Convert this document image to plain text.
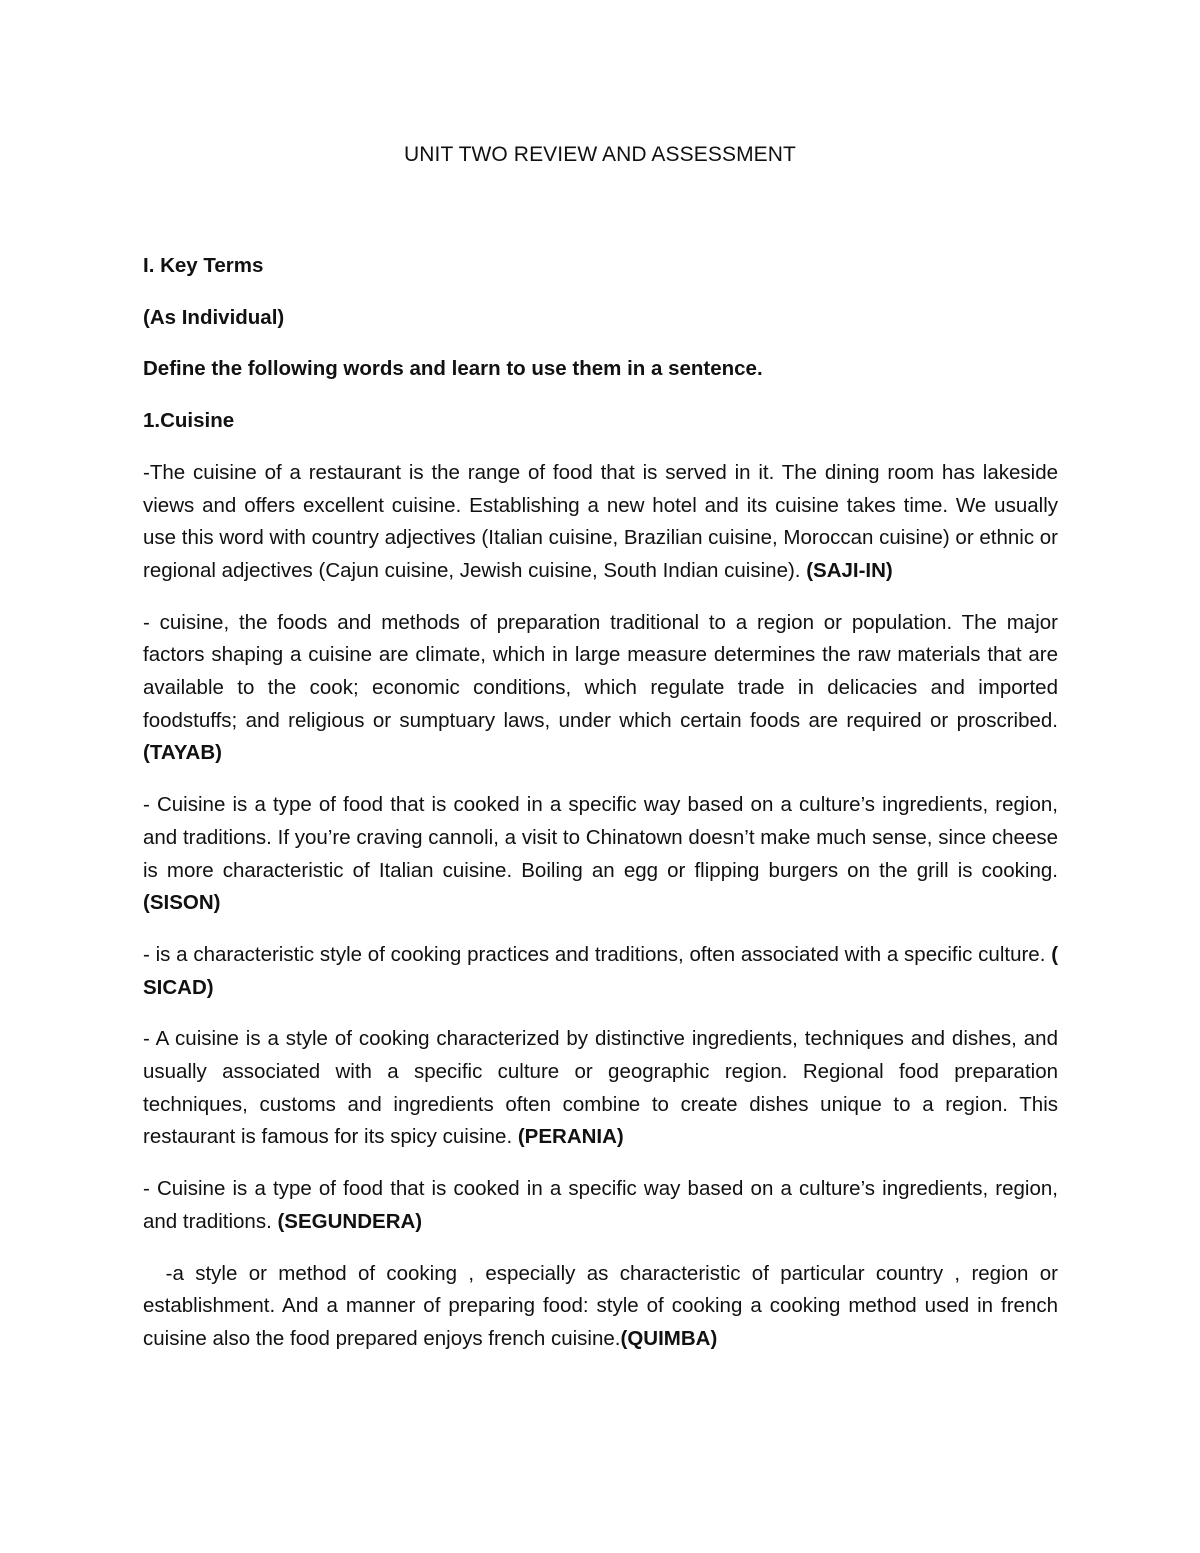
UNIT TWO REVIEW AND ASSESSMENT

I. Key Terms

(As Individual)

Define the following words and learn to use them in a sentence.

1.Cuisine

-The cuisine of a restaurant is the range of food that is served in it. The dining room has lakeside views and offers excellent cuisine. Establishing a new hotel and its cuisine takes time. We usually use this word with country adjectives (Italian cuisine, Brazilian cuisine, Moroccan cuisine) or ethnic or regional adjectives (Cajun cuisine, Jewish cuisine, South Indian cuisine). (SAJI-IN)

- cuisine, the foods and methods of preparation traditional to a region or population. The major factors shaping a cuisine are climate, which in large measure determines the raw materials that are available to the cook; economic conditions, which regulate trade in delicacies and imported foodstuffs; and religious or sumptuary laws, under which certain foods are required or proscribed. (TAYAB)

- Cuisine is a type of food that is cooked in a specific way based on a culture’s ingredients, region, and traditions. If you’re craving cannoli, a visit to Chinatown doesn’t make much sense, since cheese is more characteristic of Italian cuisine. Boiling an egg or flipping burgers on the grill is cooking. (SISON)

- is a characteristic style of cooking practices and traditions, often associated with a specific culture. ( SICAD)

- A cuisine is a style of cooking characterized by distinctive ingredients, techniques and dishes, and usually associated with a specific culture or geographic region. Regional food preparation techniques, customs and ingredients often combine to create dishes unique to a region. This restaurant is famous for its spicy cuisine. (PERANIA)

- Cuisine is a type of food that is cooked in a specific way based on a culture’s ingredients, region, and traditions. (SEGUNDERA)

-a style or method of cooking , especially as characteristic of particular country , region or establishment. And a manner of preparing food: style of cooking a cooking method used in french cuisine also the food prepared enjoys french cuisine.(QUIMBA)
